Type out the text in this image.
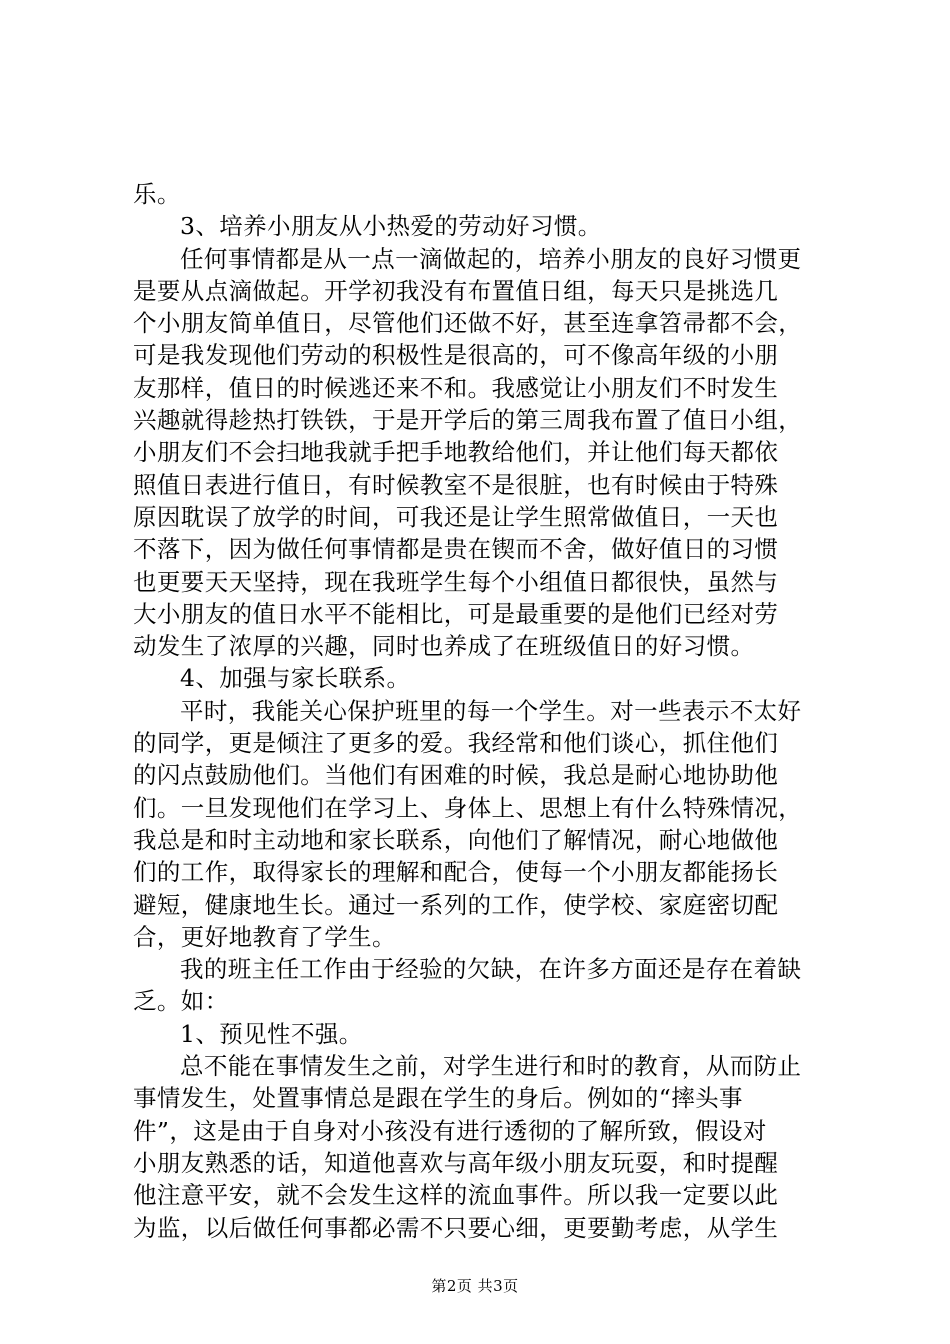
乐。
3、培养小朋友从小热爱的劳动好习惯。
任何事情都是从一点一滴做起的，培养小朋友的良好习惯更
是要从点滴做起。开学初我没有布置值日组，每天只是挑选几
个小朋友简单值日，尽管他们还做不好，甚至连拿笤帚都不会，
可是我发现他们劳动的积极性是很高的，可不像高年级的小朋
友那样，值日的时候逃还来不和。我感觉让小朋友们不时发生
兴趣就得趁热打铁铁，于是开学后的第三周我布置了值日小组，
小朋友们不会扫地我就手把手地教给他们，并让他们每天都依
照值日表进行值日，有时候教室不是很脏，也有时候由于特殊
原因耽误了放学的时间，可我还是让学生照常做值日，一天也
不落下，因为做任何事情都是贵在锲而不舍，做好值日的习惯
也更要天天坚持，现在我班学生每个小组值日都很快，虽然与
大小朋友的值日水平不能相比，可是最重要的是他们已经对劳
动发生了浓厚的兴趣，同时也养成了在班级值日的好习惯。
4、加强与家长联系。
平时，我能关心保护班里的每一个学生。对一些表示不太好
的同学，更是倾注了更多的爱。我经常和他们谈心，抓住他们
的闪点鼓励他们。当他们有困难的时候，我总是耐心地协助他
们。一旦发现他们在学习上、身体上、思想上有什么特殊情况，
我总是和时主动地和家长联系，向他们了解情况，耐心地做他
们的工作，取得家长的理解和配合，使每一个小朋友都能扬长
避短，健康地生长。通过一系列的工作，使学校、家庭密切配
合，更好地教育了学生。
我的班主任工作由于经验的欠缺，在许多方面还是存在着缺
乏。如：
1、预见性不强。
总不能在事情发生之前，对学生进行和时的教育，从而防止
事情发生，处置事情总是跟在学生的身后。例如的“摔头事
件”，这是由于自身对小孩没有进行透彻的了解所致，假设对
小朋友熟悉的话，知道他喜欢与高年级小朋友玩耍，和时提醒
他注意平安，就不会发生这样的流血事件。所以我一定要以此
为监，以后做任何事都必需不只要心细，更要勤考虑，从学生
第2页 共3页
